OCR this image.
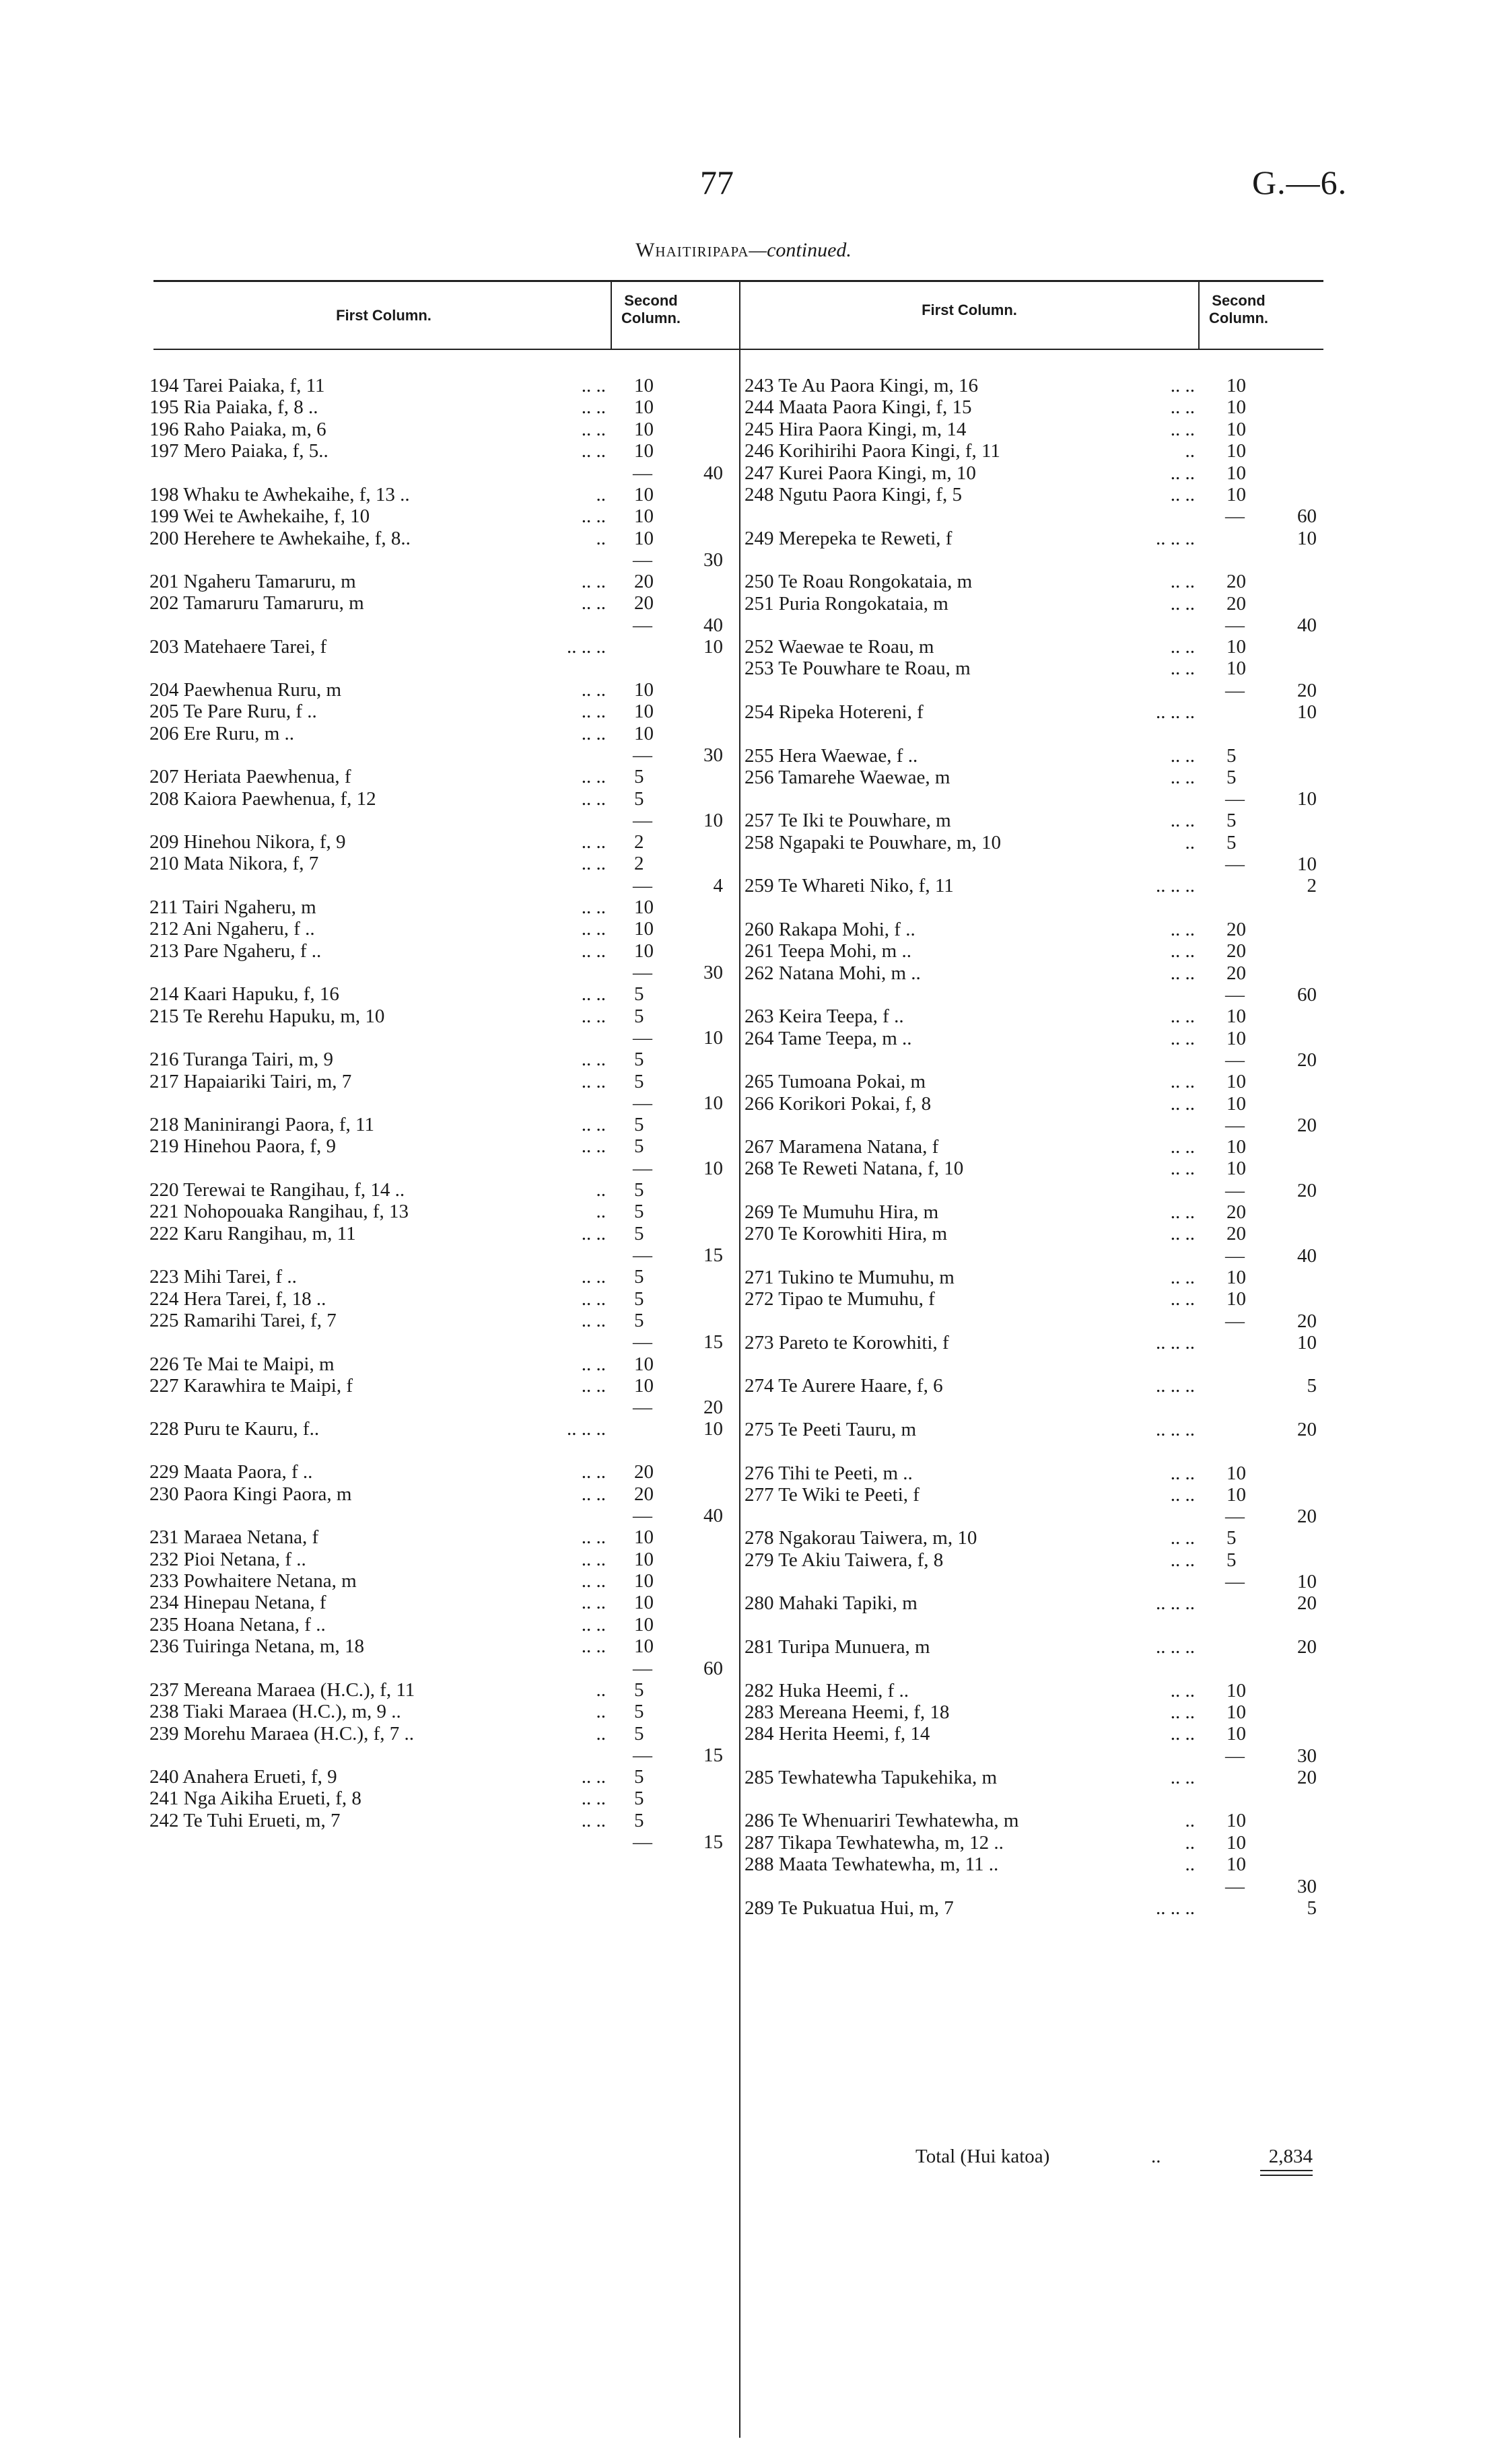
77	G.—6.
Whaitiripapa—continued.
First Column.
Second Column.	First Column.
Second Column.
194 Tarei Paiaka, f, 11	.. .. 10
195 Ria Paiaka, f, 8 ..	.. .. 10
196 Raho Paiaka, m, 6	.. .. 10
197 Mero Paiaka, f, 5..	.. .. 10
—	40
198 Whaku te Awhekaihe, f, 13 ..	.. 10
199 Wei te Awhekaihe, f, 10	.. .. 10
200 Herehere te Awhekaihe, f, 8..	.. 10
—	30
201 Ngaheru Tamaruru, m	.. .. 20
202 Tamaruru Tamaruru, m	.. .. 20
—	40
203 Matehaere Tarei, f	.. .. ..	10
204 Paewhenua Ruru, m	.. .. 10
205 Te Pare Ruru, f ..	.. .. 10
206 Ere Ruru, m ..	.. .. 10
—	30
207 Heriata Paewhenua, f	.. .. 5
208 Kaiora Paewhenua, f, 12	.. .. 5
—	10
209 Hinehou Nikora, f, 9	.. .. 2
210 Mata Nikora, f, 7	.. .. 2
—	4
211 Tairi Ngaheru, m	.. .. 10
212 Ani Ngaheru, f ..	.. .. 10
213 Pare Ngaheru, f ..	.. .. 10
—	30
214 Kaari Hapuku, f, 16	.. .. 5
215 Te Rerehu Hapuku, m, 10	.. .. 5
—	10
216 Turanga Tairi, m, 9	.. .. 5
217 Hapaiariki Tairi, m, 7	.. .. 5
—	10
218 Maninirangi Paora, f, 11	.. .. 5
219 Hinehou Paora, f, 9	.. .. 5
—	10
220 Terewai te Rangihau, f, 14 ..	.. 5
221 Nohopouaka Rangihau, f, 13	.. 5
222 Karu Rangihau, m, 11	.. .. 5
—	15
223 Mihi Tarei, f ..	.. .. 5
224 Hera Tarei, f, 18 ..	.. .. 5
225 Ramarihi Tarei, f, 7	.. .. 5
—	15
226 Te Mai te Maipi, m	.. .. 10
227 Karawhira te Maipi, f	.. .. 10
—	20
228 Puru te Kauru, f..	.. .. ..	10
229 Maata Paora, f ..	.. .. 20
230 Paora Kingi Paora, m	.. .. 20
—	40
231 Maraea Netana, f	.. .. 10
232 Pioi Netana, f ..	.. .. 10
233 Powhaitere Netana, m	.. .. 10
234 Hinepau Netana, f	.. .. 10
235 Hoana Netana, f ..	.. .. 10
236 Tuiringa Netana, m, 18	.. .. 10
—	60
237 Mereana Maraea (H.C.), f, 11	.. 5
238 Tiaki Maraea (H.C.), m, 9 ..	.. 5
239 Morehu Maraea (H.C.), f, 7 ..	.. 5
—	15
240 Anahera Erueti, f, 9	.. .. 5
241 Nga Aikiha Erueti, f, 8	.. .. 5
242 Te Tuhi Erueti, m, 7	.. .. 5
—	15
243 Te Au Paora Kingi, m, 16	.. .. 10
244 Maata Paora Kingi, f, 15	.. .. 10
245 Hira Paora Kingi, m, 14	.. .. 10
246 Korihirihi Paora Kingi, f, 11	.. 10
247 Kurei Paora Kingi, m, 10	.. .. 10
248 Ngutu Paora Kingi, f, 5	.. .. 10
—	60
249 Merepeka te Reweti, f	.. .. ..	10
250 Te Roau Rongokataia, m	.. .. 20
251 Puria Rongokataia, m	.. .. 20
—	40
252 Waewae te Roau, m	.. .. 10
253 Te Pouwhare te Roau, m	.. .. 10
—	20
254 Ripeka Hotereni, f	.. .. ..	10
255 Hera Waewae, f ..	.. .. 5
256 Tamarehe Waewae, m	.. .. 5
—	10
257 Te Iki te Pouwhare, m	.. .. 5
258 Ngapaki te Pouwhare, m, 10	.. 5
—	10
259 Te Whareti Niko, f, 11	.. .. ..	2
260 Rakapa Mohi, f ..	.. .. 20
261 Teepa Mohi, m ..	.. .. 20
262 Natana Mohi, m ..	.. .. 20
—	60
263 Keira Teepa, f ..	.. .. 10
264 Tame Teepa, m ..	.. .. 10
—	20
265 Tumoana Pokai, m	.. .. 10
266 Korikori Pokai, f, 8	.. .. 10
—	20
267 Maramena Natana, f	.. .. 10
268 Te Reweti Natana, f, 10	.. .. 10
—	20
269 Te Mumuhu Hira, m	.. .. 20
270 Te Korowhiti Hira, m	.. .. 20
—	40
271 Tukino te Mumuhu, m	.. .. 10
272 Tipao te Mumuhu, f	.. .. 10
—	20
273 Pareto te Korowhiti, f	.. .. ..	10
274 Te Aurere Haare, f, 6	.. .. ..	5
275 Te Peeti Tauru, m	.. .. ..	20
276 Tihi te Peeti, m ..	.. .. 10
277 Te Wiki te Peeti, f	.. .. 10
—	20
278 Ngakorau Taiwera, m, 10	.. .. 5
279 Te Akiu Taiwera, f, 8	.. .. 5
—	10
280 Mahaki Tapiki, m	.. .. ..	20
281 Turipa Munuera, m	.. .. ..	20
282 Huka Heemi, f ..	.. .. 10
283 Mereana Heemi, f, 18	.. .. 10
284 Herita Heemi, f, 14	.. .. 10
—	30
285 Tewhatewha Tapukehika, m	.. ..	20
286 Te Whenuariri Tewhatewha, m	.. 10
287 Tikapa Tewhatewha, m, 12 ..	.. 10
288 Maata Tewhatewha, m, 11 ..	.. 10
—	30
289 Te Pukuatua Hui, m, 7	.. .. ..	5
Total (Hui katoa)	..	2,834
